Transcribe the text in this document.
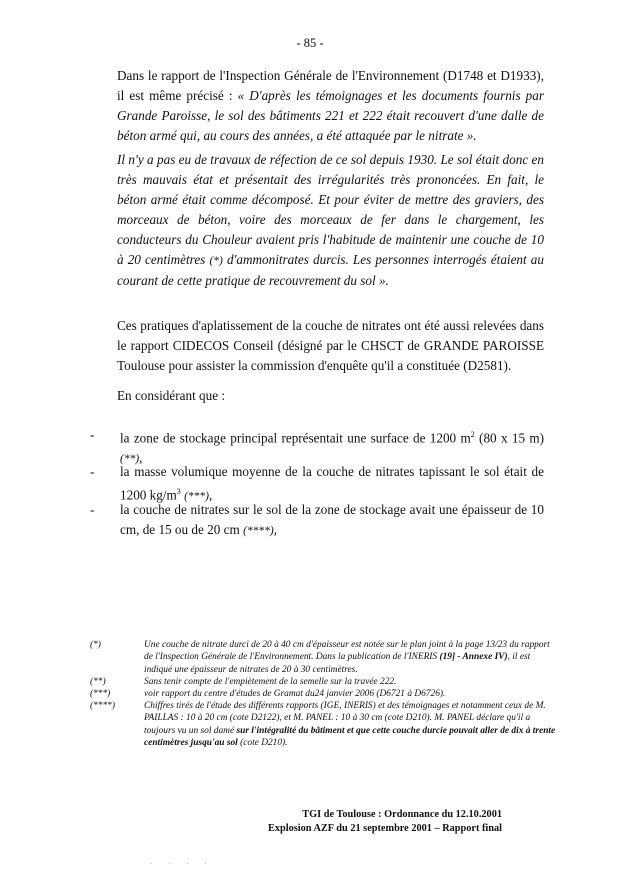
- 85 -

Dans le rapport de l'Inspection Générale de l'Environnement (D1748 et D1933), il est même précisé : « D'après les témoignages et les documents fournis par Grande Paroisse, le sol des bâtiments 221 et 222 était recouvert d'une dalle de béton armé qui, au cours des années, a été attaquée par le nitrate ».

Il n'y a pas eu de travaux de réfection de ce sol depuis 1930. Le sol était donc en très mauvais état et présentait des irrégularités très prononcées. En fait, le béton armé était comme décomposé. Et pour éviter de mettre des graviers, des morceaux de béton, voire des morceaux de fer dans le chargement, les conducteurs du Chouleur avaient pris l'habitude de maintenir une couche de 10 à 20 centimètres (*) d'ammonitrates durcis. Les personnes interrogés étaient au courant de cette pratique de recouvrement du sol ».

Ces pratiques d'aplatissement de la couche de nitrates ont été aussi relevées dans le rapport CIDECOS Conseil (désigné par le CHSCT de GRANDE PAROISSE Toulouse pour assister la commission d'enquête qu'il a constituée (D2581).

En considérant que :

- la zone de stockage principal représentait une surface de 1200 $m^2$ (80 x 15 m) (**),
- la masse volumique moyenne de la couche de nitrates tapissant le sol était de 1200 $kg/m^3$ (***),
- la couche de nitrates sur le sol de la zone de stockage avait une épaisseur de 10 cm, de 15 ou de 20 cm (****),
(*)	Une couche de nitrate durci de 20 à 40 cm d'épaisseur est notée sur le plan joint à la page 13/23 du rapport de l'Inspection Générale de l'Environnement. Dans la publication de l'INERIS (19] - Annexe IV), il est indiqué une épaisseur de nitrates de 20 à 30 centimètres.
(**)	Sans tenir compte de l'empiètement de la semelle sur la travée 222.
(***)	voir rapport du centre d'études de Gramat du24 janvier 2006 (D6721 à D6726).
(****)	Chiffres tirés de l'étude des différents rapports (IGE, INERIS) et des témoignages et notamment ceux de M. PAILLAS : 10 à 20 cm (cote D2122), et M. PANEL : 10 à 30 cm (cote D210). M. PANEL déclare qu'il a toujours vu un sol damé sur l'intégralité du bâtiment et que cette couche durcie pouvait aller de dix à trente centimètres jusqu'au sol (cote D210).
TGI de Toulouse : Ordonnance du 12.10.2001
Explosion AZF du 21 septembre 2001 – Rapport final
· · · ·
